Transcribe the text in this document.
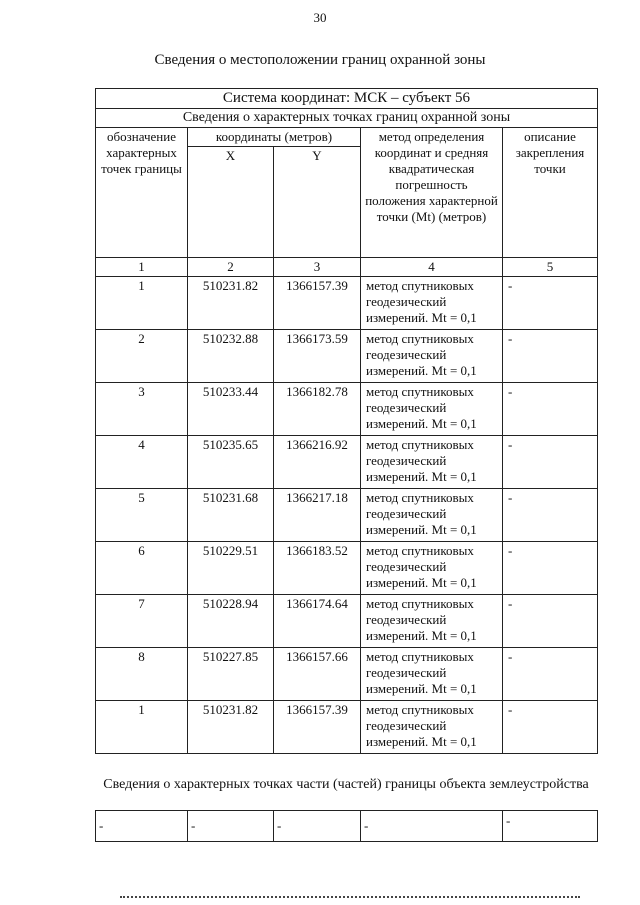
30
Сведения о местоположении границ охранной зоны
Система координат: МСК – субъект 56				
Сведения о характерных точках границ охранной зоны				
обозначение характерных точек границы	координаты (метров)		метод определения координат и средняя квадратическая погрешность положения характерной точки (Mt) (метров)	описание закрепления точки
	X	Y		
1	2	3	4	5
1	510231.82	1366157.39	метод спутниковых геодезический измерений. Mt = 0,1	-
2	510232.88	1366173.59	метод спутниковых геодезический измерений. Mt = 0,1	-
3	510233.44	1366182.78	метод спутниковых геодезический измерений. Mt = 0,1	-
4	510235.65	1366216.92	метод спутниковых геодезический измерений. Mt = 0,1	-
5	510231.68	1366217.18	метод спутниковых геодезический измерений. Mt = 0,1	-
6	510229.51	1366183.52	метод спутниковых геодезический измерений. Mt = 0,1	-
7	510228.94	1366174.64	метод спутниковых геодезический измерений. Mt = 0,1	-
8	510227.85	1366157.66	метод спутниковых геодезический измерений. Mt = 0,1	-
1	510231.82	1366157.39	метод спутниковых геодезический измерений. Mt = 0,1	-
Сведения о характерных точках части (частей) границы объекта землеустройства
-	-	-	-	-
